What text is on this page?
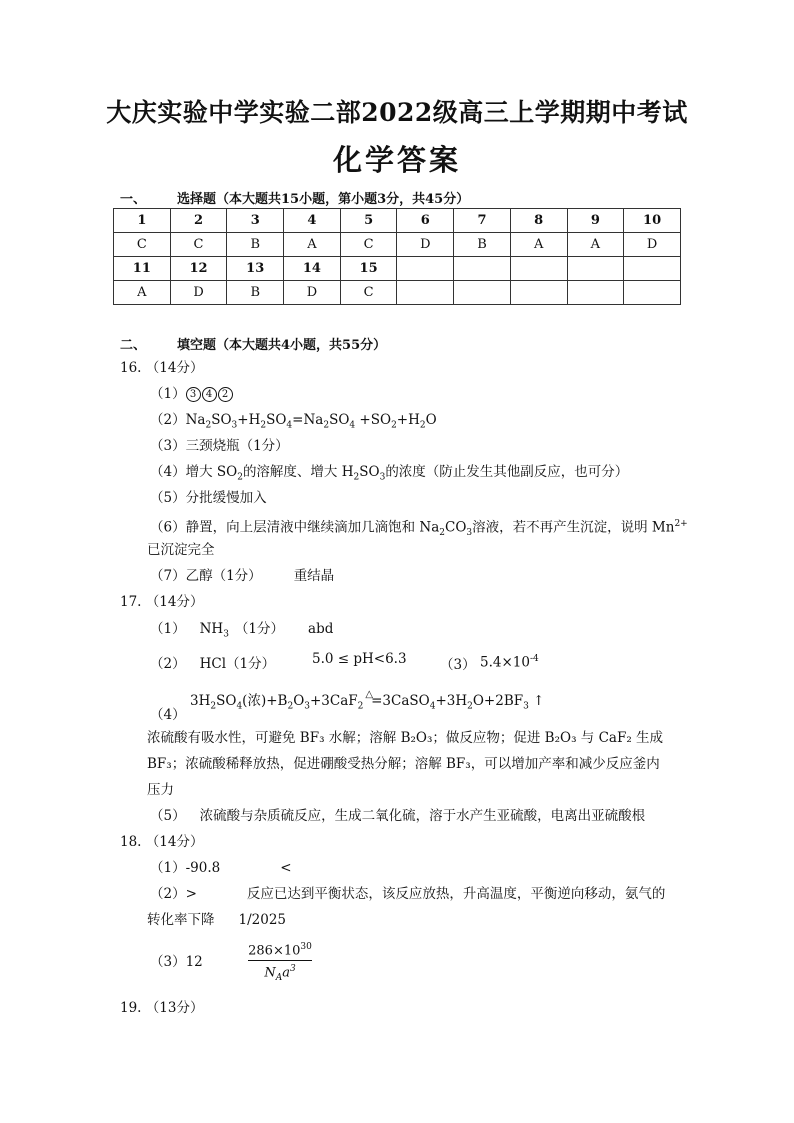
大庆实验中学实验二部2022级高三上学期期中考试
化学答案
一、 选择题（本大题共15小题，第小题3分，共45分）
1	2	3	4	5	6	7	8	9	10
C	C	B	A	C	D	B	A	A	D
11	12	13	14	15					
A	D	B	D	C					
二、 填空题（本大题共4小题，共55分）
16. （14分）
（1） 3 4 2
$(2)Na_2SO_3+H_2SO_4=Na_2SO_4 +SO_2+H_2O$
（3）三颈烧瓶（1分）
（4）增大 $SO_2$的溶解度、增大 $H_2SO_3$的浓度（防止发生其他副反应，也可分）
（5）分批缓慢加入
（6）静置，向上层清液中继续滴加几滴饱和 $Na_2CO_3$溶液，若不再产生沉淀，说明 $Mn^{2+}$
已沉淀完全
（7）乙醇（1分） 重结晶
17. （14分）
（1） $NH_3$ （1分） abd
（2） HCl（1分）	5.0 ≤ pH<6.3 （3） $5.4\times 10^{-4}$
$3H_2SO_4$(浓)$+B_2O_3+3CaF_2^\triangle=3CaSO_4+3H_2O+2BF_3$ ↑
（4）
浓硫酸有吸水性，可避免 BF₃ 水解；溶解 B₂O₃；做反应物；促进 B₂O₃ 与 CaF₂ 生成
BF₃；浓硫酸稀释放热，促进硼酸受热分解；溶解 BF₃，可以增加产率和减少反应釜内
压力
（5） 浓硫酸与杂质硫反应，生成二氧化硫，溶于水产生亚硫酸，电离出亚硫酸根
18. （14分）
（1）-90.8	<
（2）>	反应已达到平衡状态，该反应放热，升高温度，平衡逆向移动，氨气的
转化率下降 1/2025
（3）12
$286\times 10^{30}$
$N_Aa^3$
19. （13分）
